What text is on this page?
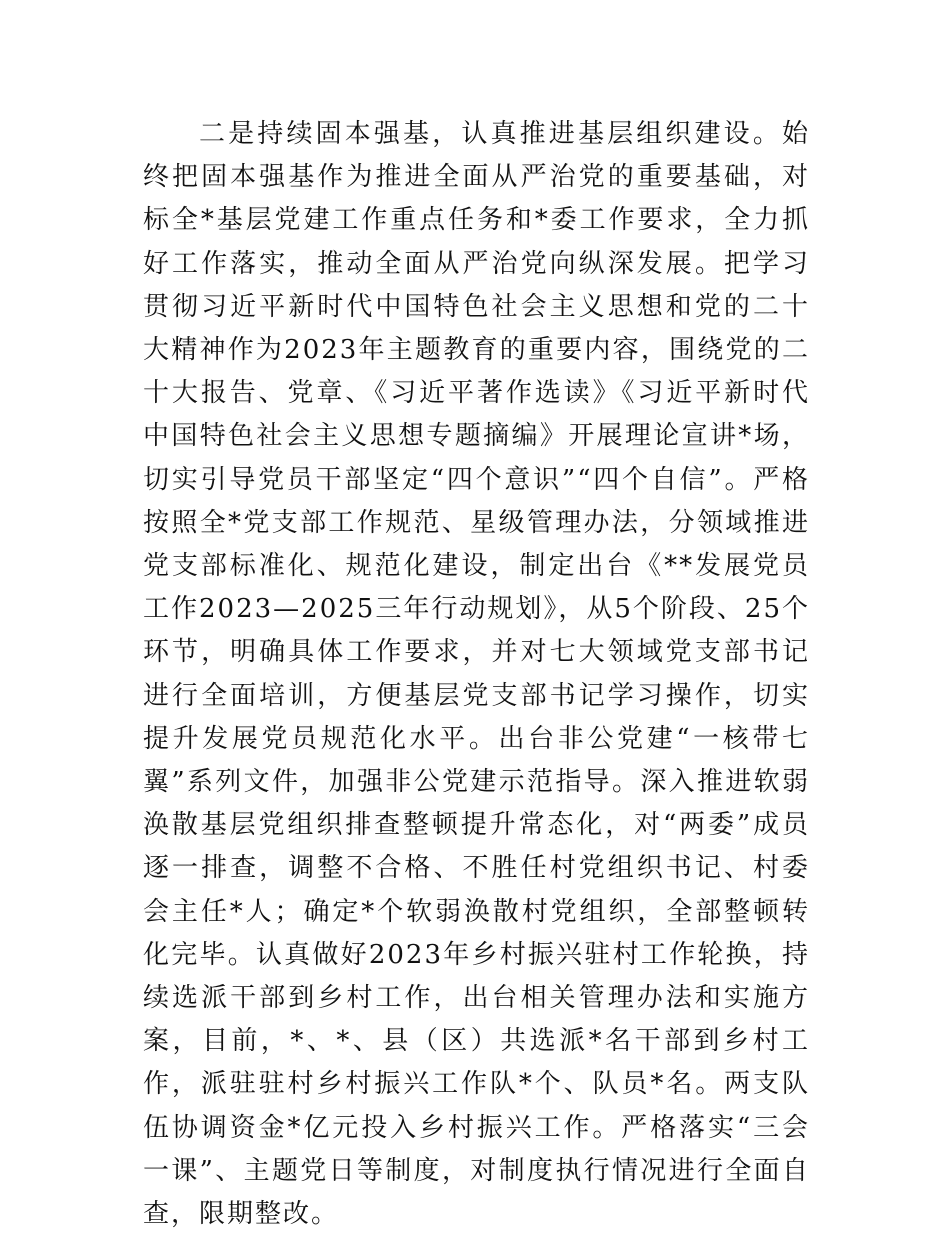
二是持续固本强基，认真推进基层组织建设。始终把固本强基作为推进全面从严治党的重要基础，对标全*基层党建工作重点任务和*委工作要求，全力抓好工作落实，推动全面从严治党向纵深发展。把学习贯彻习近平新时代中国特色社会主义思想和党的二十大精神作为2023年主题教育的重要内容，围绕党的二十大报告、党章、《习近平著作选读》《习近平新时代中国特色社会主义思想专题摘编》开展理论宣讲*场，切实引导党员干部坚定“四个意识”“四个自信”。严格按照全*党支部工作规范、星级管理办法，分领域推进党支部标准化、规范化建设，制定出台《**发展党员工作2023—2025三年行动规划》，从5个阶段、25个环节，明确具体工作要求，并对七大领域党支部书记进行全面培训，方便基层党支部书记学习操作，切实提升发展党员规范化水平。出台非公党建“一核带七翼”系列文件，加强非公党建示范指导。深入推进软弱涣散基层党组织排查整顿提升常态化，对“两委”成员逐一排查，调整不合格、不胜任村党组织书记、村委会主任*人；确定*个软弱涣散村党组织，全部整顿转化完毕。认真做好2023年乡村振兴驻村工作轮换，持续选派干部到乡村工作，出台相关管理办法和实施方案，目前，*、*、县（区）共选派*名干部到乡村工作，派驻驻村乡村振兴工作队*个、队员*名。两支队伍协调资金*亿元投入乡村振兴工作。严格落实“三会一课”、主题党日等制度，对制度执行情况进行全面自查，限期整改。
